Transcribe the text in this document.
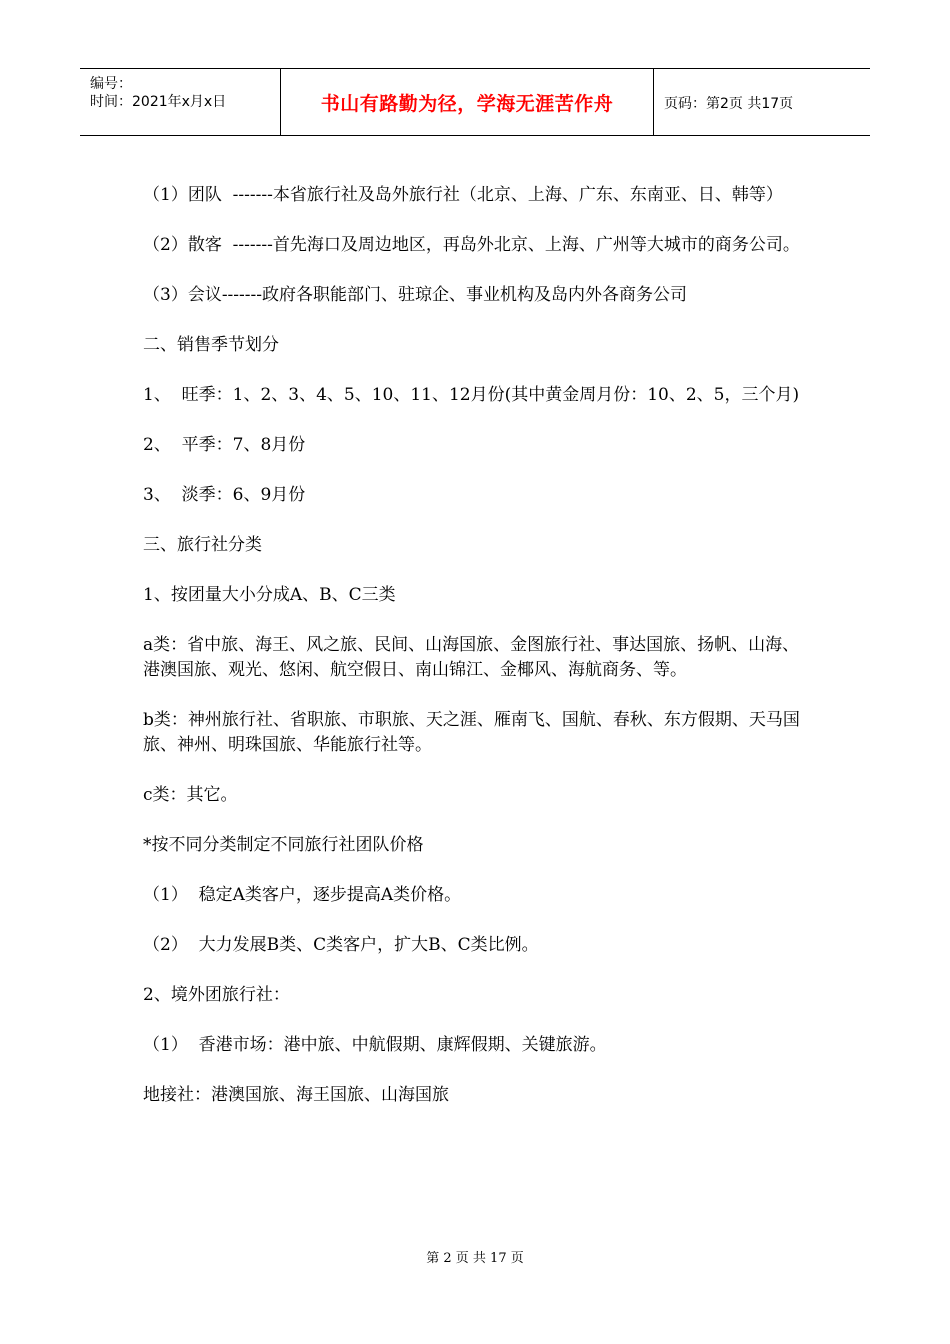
编号：
时间：2021年x月x日	书山有路勤为径，学海无涯苦作舟	页码：第2页 共17页

（1）团队  -------本省旅行社及岛外旅行社（北京、上海、广东、东南亚、日、韩等）

（2）散客  -------首先海口及周边地区，再岛外北京、上海、广州等大城市的商务公司。

（3）会议-------政府各职能部门、驻琼企、事业机构及岛内外各商务公司

二、销售季节划分

1、  旺季：1、2、3、4、5、10、11、12月份(其中黄金周月份：10、2、5，三个月)

2、  平季：7、8月份

3、  淡季：6、9月份

三、旅行社分类

1、按团量大小分成A、B、C三类

a类：省中旅、海王、风之旅、民间、山海国旅、金图旅行社、事达国旅、扬帆、山海、港澳国旅、观光、悠闲、航空假日、南山锦江、金椰风、海航商务、等。

b类：神州旅行社、省职旅、市职旅、天之涯、雁南飞、国航、春秋、东方假期、天马国旅、神州、明珠国旅、华能旅行社等。

c类：其它。

*按不同分类制定不同旅行社团队价格

（1）  稳定A类客户，逐步提高A类价格。

（2）  大力发展B类、C类客户，扩大B、C类比例。

2、境外团旅行社：

（1）  香港市场：港中旅、中航假期、康辉假期、关键旅游。

地接社：港澳国旅、海王国旅、山海国旅

第 2 页 共 17 页
